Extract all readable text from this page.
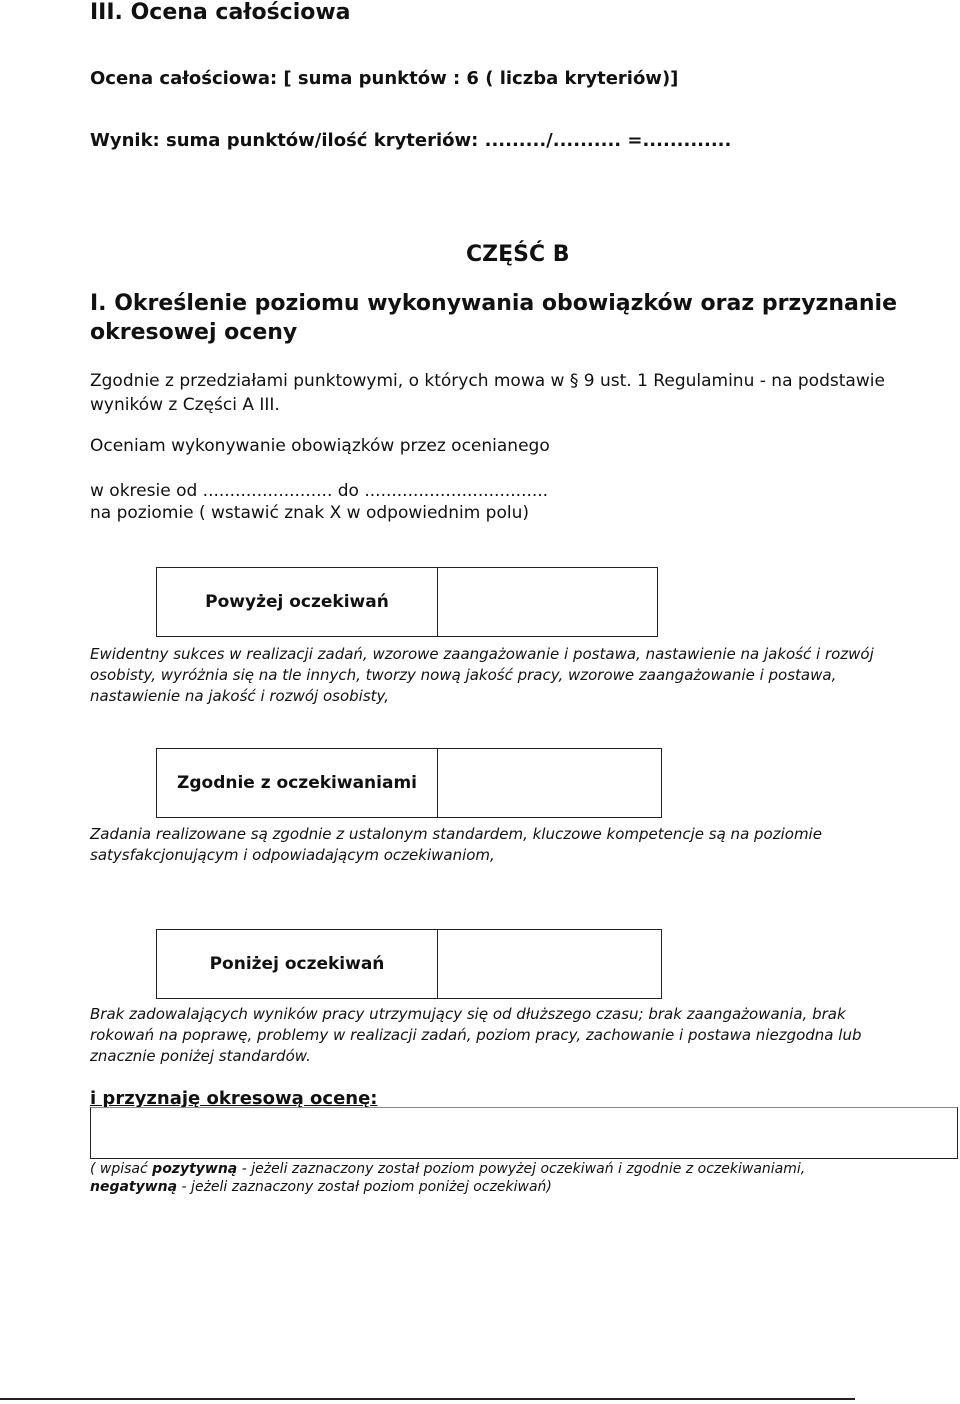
III. Ocena całościowa
Ocena całościowa: [ suma punktów : 6 ( liczba kryteriów)]
Wynik: suma punktów/ilość kryteriów: ........./.......... =.............
CZĘŚĆ B
I. Określenie poziomu wykonywania obowiązków oraz przyznanie
okresowej oceny
Zgodnie z przedziałami punktowymi, o których mowa w § 9 ust. 1 Regulaminu - na podstawie
wyników z Części A III.
Oceniam wykonywanie obowiązków przez ocenianego
w okresie od ........................ do ..................................
na poziomie ( wstawić znak X w odpowiednim polu)
Powyżej oczekiwań
Ewidentny sukces w realizacji zadań, wzorowe zaangażowanie i postawa, nastawienie na jakość i rozwój
osobisty, wyróżnia się na tle innych, tworzy nową jakość pracy, wzorowe zaangażowanie i postawa,
nastawienie na jakość i rozwój osobisty,
Zgodnie z oczekiwaniami
Zadania realizowane są zgodnie z ustalonym standardem, kluczowe kompetencje są na poziomie
satysfakcjonującym i odpowiadającym oczekiwaniom,
Poniżej oczekiwań
Brak zadowalających wyników pracy utrzymujący się od dłuższego czasu; brak zaangażowania, brak
rokowań na poprawę, problemy w realizacji zadań, poziom pracy, zachowanie i postawa niezgodna lub
znacznie poniżej standardów.
i przyznaję okresową ocenę:
( wpisać pozytywną - jeżeli zaznaczony został poziom powyżej oczekiwań i zgodnie z oczekiwaniami,
negatywną - jeżeli zaznaczony został poziom poniżej oczekiwań)
